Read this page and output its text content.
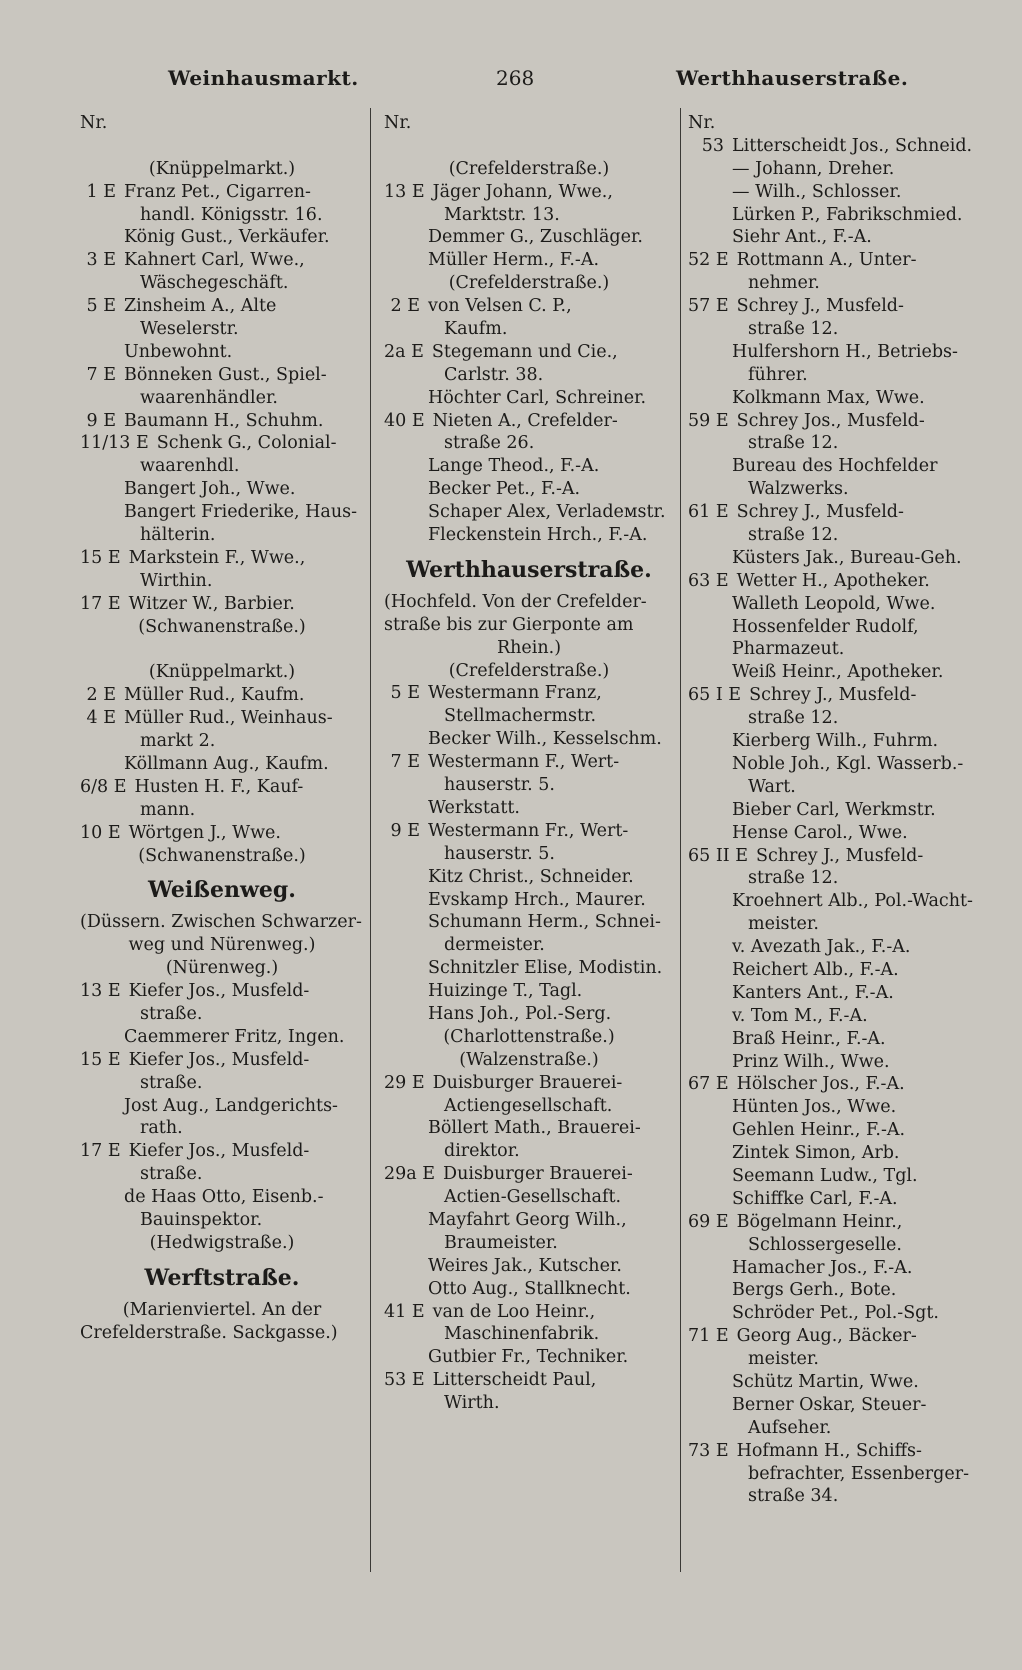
Weinhausmarkt.	268	Werthhauserstraße.
Nr.
(Knüppelmarkt.)
1 E Franz Pet., Cigarren-
handl. Königsstr. 16.
König Gust., Verkäufer.
3 E Kahnert Carl, Wwe.,
Wäschegeschäft.
5 E Zinsheim A., Alte
Weselerstr.
Unbewohnt.
7 E Bönneken Gust., Spiel-
waarenhändler.
9 E Baumann H., Schuhm.
11/13 E Schenk G., Colonial-
waarenhdl.
Bangert Joh., Wwe.
Bangert Friederike, Haus-
hälterin.
15 E Markstein F., Wwe.,
Wirthin.
17 E Witzer W., Barbier.
(Schwanenstraße.)
(Knüppelmarkt.)
2 E Müller Rud., Kaufm.
4 E Müller Rud., Weinhaus-
markt 2.
Köllmann Aug., Kaufm.
6/8 E Husten H. F., Kauf-
mann.
10 E Wörtgen J., Wwe.
(Schwanenstraße.)
Weißenweg.
(Düssern. Zwischen Schwarzer-
weg und Nürenweg.)
(Nürenweg.)
13 E Kiefer Jos., Musfeld-
straße.
Caemmerer Fritz, Ingen.
15 E Kiefer Jos., Musfeld-
straße.
Jost Aug., Landgerichts-
rath.
17 E Kiefer Jos., Musfeld-
straße.
de Haas Otto, Eisenb.-
Bauinspektor.
(Hedwigstraße.)
Werftstraße.
(Marienviertel. An der
Crefelderstraße. Sackgasse.)
Nr.
(Crefelderstraße.)
13 E Jäger Johann, Wwe.,
Marktstr. 13.
Demmer G., Zuschläger.
Müller Herm., F.-A.
(Crefelderstraße.)
2 E von Velsen C. P.,
Kaufm.
2a E Stegemann und Cie.,
Carlstr. 38.
Höchter Carl, Schreiner.
40 E Nieten A., Crefelder-
straße 26.
Lange Theod., F.-A.
Becker Pet., F.-A.
Schaper Alex, Verladeмstr.
Fleckenstein Hrch., F.-A.
Werthhauserstraße.
(Hochfeld. Von der Crefelder-
straße bis zur Gierponte am
Rhein.)
(Crefelderstraße.)
5 E Westermann Franz,
Stellmachermstr.
Becker Wilh., Kesselschm.
7 E Westermann F., Wert-
hauserstr. 5.
Werkstatt.
9 E Westermann Fr., Wert-
hauserstr. 5.
Kitz Christ., Schneider.
Evskamp Hrch., Maurer.
Schumann Herm., Schnei-
dermeister.
Schnitzler Elise, Modistin.
Huizinge T., Tagl.
Hans Joh., Pol.-Serg.
(Charlottenstraße.)
(Walzenstraße.)
29 E Duisburger Brauerei-
Actiengesellschaft.
Böllert Math., Brauerei-
direktor.
29a E Duisburger Brauerei-
Actien-Gesellschaft.
Mayfahrt Georg Wilh.,
Braumeister.
Weires Jak., Kutscher.
Otto Aug., Stallknecht.
41 E van de Loo Heinr.,
Maschinenfabrik.
Gutbier Fr., Techniker.
53 E Litterscheidt Paul,
Wirth.
Nr.
53 Litterscheidt Jos., Schneid.
— Johann, Dreher.
— Wilh., Schlosser.
Lürken P., Fabrikschmied.
Siehr Ant., F.-A.
52 E Rottmann A., Unter-
nehmer.
57 E Schrey J., Musfeld-
straße 12.
Hulfershorn H., Betriebs-
führer.
Kolkmann Max, Wwe.
59 E Schrey Jos., Musfeld-
straße 12.
Bureau des Hochfelder
Walzwerks.
61 E Schrey J., Musfeld-
straße 12.
Küsters Jak., Bureau-Geh.
63 E Wetter H., Apotheker.
Walleth Leopold, Wwe.
Hossenfelder Rudolf,
Pharmazeut.
Weiß Heinr., Apotheker.
65 I E Schrey J., Musfeld-
straße 12.
Kierberg Wilh., Fuhrm.
Noble Joh., Kgl. Wasserb.-
Wart.
Bieber Carl, Werkmstr.
Hense Carol., Wwe.
65 II E Schrey J., Musfeld-
straße 12.
Kroehnert Alb., Pol.-Wacht-
meister.
v. Avezath Jak., F.-A.
Reichert Alb., F.-A.
Kanters Ant., F.-A.
v. Tom M., F.-A.
Braß Heinr., F.-A.
Prinz Wilh., Wwe.
67 E Hölscher Jos., F.-A.
Hünten Jos., Wwe.
Gehlen Heinr., F.-A.
Zintek Simon, Arb.
Seemann Ludw., Tgl.
Schiffke Carl, F.-A.
69 E Bögelmann Heinr.,
Schlossergeselle.
Hamacher Jos., F.-A.
Bergs Gerh., Bote.
Schröder Pet., Pol.-Sgt.
71 E Georg Aug., Bäcker-
meister.
Schütz Martin, Wwe.
Berner Oskar, Steuer-
Aufseher.
73 E Hofmann H., Schiffs-
befrachter, Essenberger-
straße 34.
